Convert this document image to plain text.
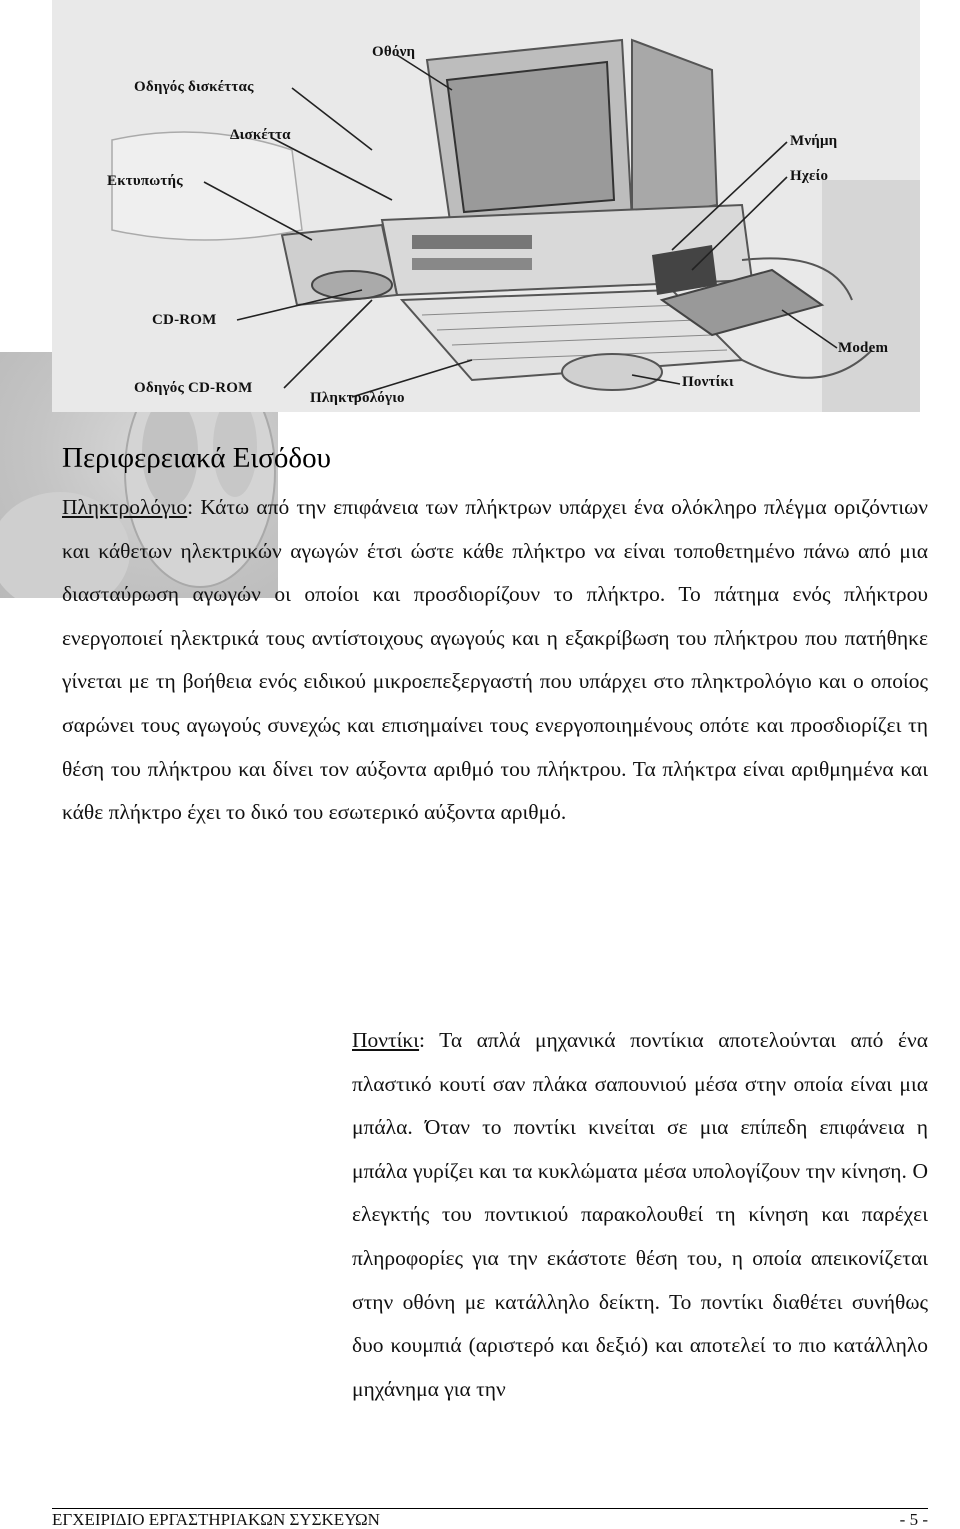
Οθόνη
Οδηγός δισκέττας
Δισκέττα
Εκτυπωτής
CD-ROM
Οδηγός CD-ROM
Πληκτρολόγιο
Μνήμη
Ηχείο
Modem
Ποντίκι
Περιφερειακά Εισόδου

Πληκτρολόγιο: Κάτω από την επιφάνεια των πλήκτρων υπάρχει ένα ολόκληρο πλέγμα οριζόντιων και κάθετων ηλεκτρικών αγωγών έτσι ώστε κάθε πλήκτρο να είναι τοποθετημένο πάνω από μια διασταύρωση αγωγών οι οποίοι και προσδιορίζουν το πλήκτρο. Το πάτημα ενός πλήκτρου ενεργοποιεί ηλεκτρικά τους αντίστοιχους αγωγούς και η εξακρίβωση του πλήκτρου που πατήθηκε γίνεται με τη βοήθεια ενός ειδικού μικροεπεξεργαστή που υπάρχει στο πληκτρολόγιο και ο οποίος σαρώνει τους αγωγούς συνεχώς και επισημαίνει τους ενεργοποιημένους οπότε και προσδιορίζει τη θέση του πλήκτρου και δίνει τον αύξοντα αριθμό του πλήκτρου. Τα πλήκτρα είναι αριθμημένα και κάθε πλήκτρο έχει το δικό του εσωτερικό αύξοντα αριθμό.

Ποντίκι: Τα απλά μηχανικά ποντίκια αποτελούνται από ένα πλαστικό κουτί σαν πλάκα σαπουνιού μέσα στην οποία είναι μια μπάλα. Όταν το ποντίκι κινείται σε μια επίπεδη επιφάνεια η μπάλα γυρίζει και τα κυκλώματα μέσα υπολογίζουν την κίνηση. Ο ελεγκτής του ποντικιού παρακολουθεί τη κίνηση και παρέχει πληροφορίες για την εκάστοτε θέση του, η οποία απεικονίζεται στην οθόνη με κατάλληλο δείκτη. Το ποντίκι διαθέτει συνήθως δυο κουμπιά (αριστερό και δεξιό) και αποτελεί το πιο κατάλληλο μηχάνημα για την

ΕΓΧΕΙΡΙΔΙΟ ΕΡΓΑΣΤΗΡΙΑΚΩΝ ΣΥΣΚΕΥΩΝ	- 5 -
